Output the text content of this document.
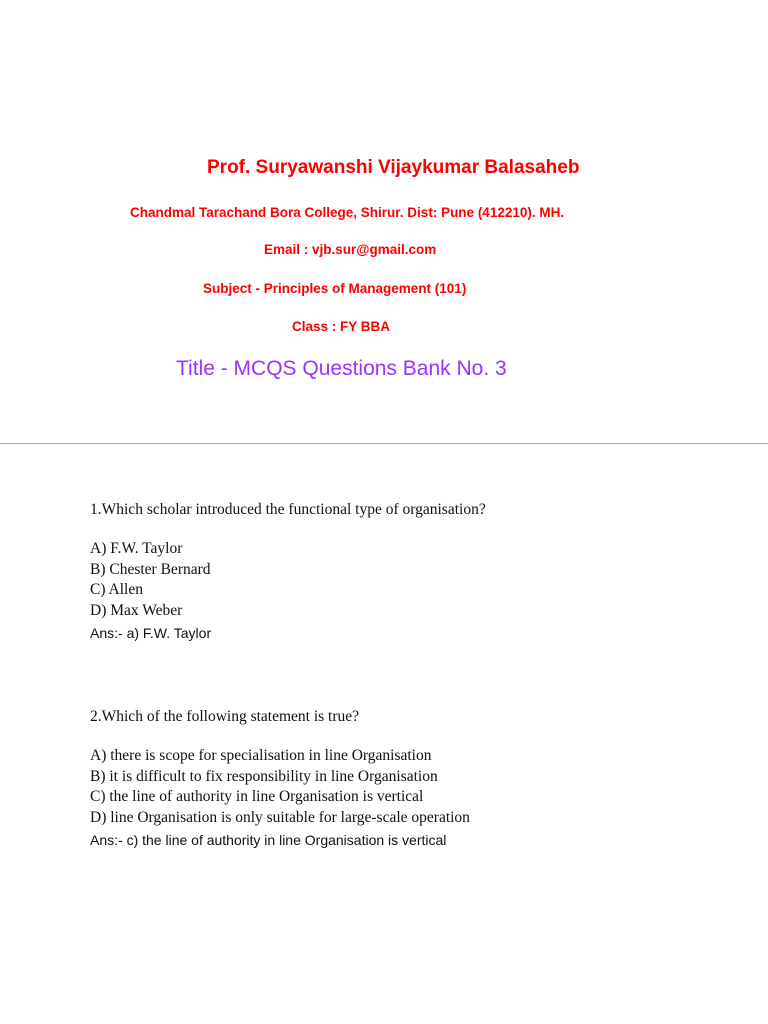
Prof. Suryawanshi Vijaykumar Balasaheb
Chandmal Tarachand Bora College, Shirur. Dist: Pune (412210). MH.
Email : vjb.sur@gmail.com
Subject - Principles of Management (101)
Class : FY BBA
Title - MCQS Questions Bank No. 3
1.Which scholar introduced the functional type of organisation?
A) F.W. Taylor
B) Chester Bernard
C) Allen
D) Max Weber
Ans:- a) F.W. Taylor
2.Which of the following statement is true?
A) there is scope for specialisation in line Organisation
B) it is difficult to fix responsibility in line Organisation
C) the line of authority in line Organisation is vertical
D) line Organisation is only suitable for large-scale operation
Ans:- c) the line of authority in line Organisation is vertical
